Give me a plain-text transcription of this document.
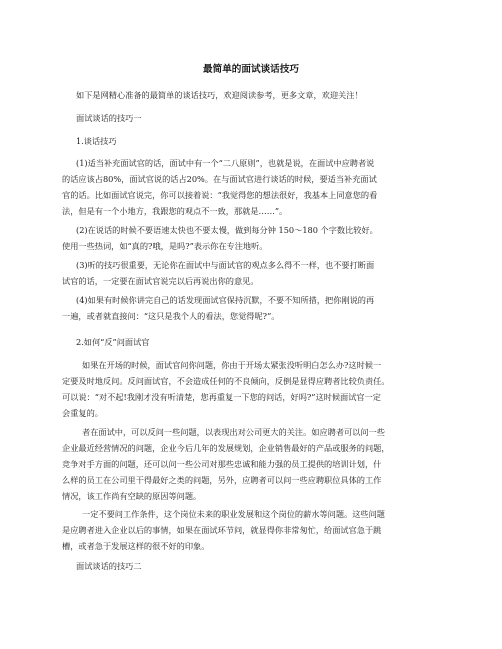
最简单的面试谈话技巧
如下是网精心准备的最简单的谈话技巧，欢迎阅读参考，更多文章，欢迎关注！
面试谈话的技巧一
1.谈话技巧
(1)适当补充面试官的话，面试中有一个“二八原则”，也就是说，在面试中应聘者说
的话应该占80%，面试官说的话占20%。在与面试官进行谈话的时候，要适当补充面试
官的话。比如面试官说完，你可以接着说：“我觉得您的想法很好，我基本上同意您的看
法，但是有一个小地方，我跟您的观点不一致，那就是……”。
(2)在说话的时候不要语速太快也不要太慢，做到每分钟 150～180 个字数比较好。
使用一些热词，如“真的?哦，是吗?”表示你在专注地听。
(3)听的技巧很重要，无论你在面试中与面试官的观点多么得不一样，也不要打断面
试官的话，一定要在面试官说完以后再说出你的意见。
(4)如果有时候你讲完自己的话发现面试官保持沉默，不要不知所措，把你刚说的再
一遍，或者就直接问：“这只是我个人的看法，您觉得呢?”。
2.如何“反”问面试官
如果在开场的时候，面试官问你问题，你由于开场太紧张没听明白怎么办?这时候一
定要及时地反问。反问面试官，不会造成任何的不良倾向，反倒是显得应聘者比较负责任。
可以说：“对不起!我刚才没有听清楚，您再重复一下您的问话，好吗?”这时候面试官一定
会重复的。
者在面试中，可以反问一些问题，以表现出对公司更大的关注。如应聘者可以问一些
企业最近经营情况的问题，企业今后几年的发展规划，企业销售最好的产品或服务的问题，
竞争对手方面的问题，还可以问一些公司对那些忠诚和能力强的员工提供的培训计划，什
么样的员工在公司里干得最好之类的问题，另外，应聘者可以问一些应聘职位具体的工作
情况，该工作尚有空缺的原因等问题。
一定不要问工作条件，这个岗位未来的职业发展和这个岗位的薪水等问题。这些问题
是应聘者进入企业以后的事情，如果在面试环节问，就显得你非常匆忙，给面试官急于跳
槽，或者急于发展这样的很不好的印象。
面试谈话的技巧二
